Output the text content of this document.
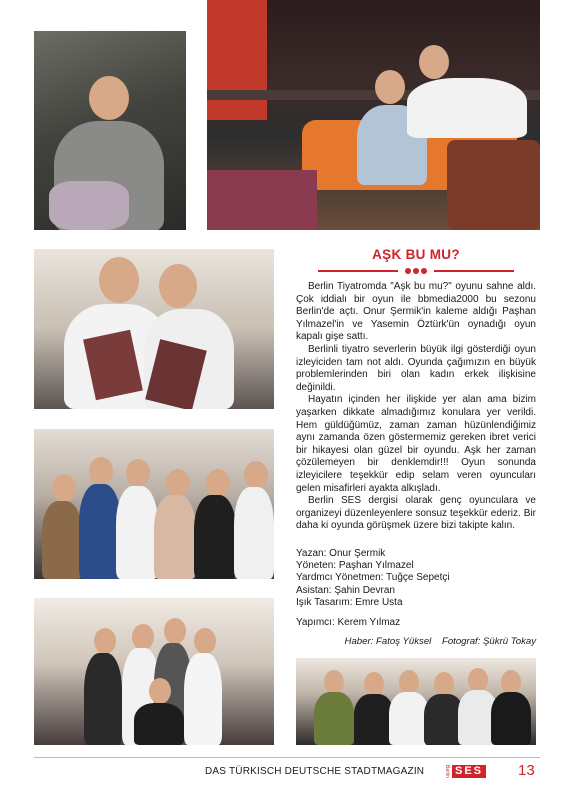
AŞK BU MU?

Berlin Tiyatromda "Aşk bu mu?" oyunu sahne aldı. Çok iddialı bir oyun ile bbmedia2000 bu sezonu Berlin'de açtı. Onur Şermik'in kaleme aldığı Paşhan Yılmazel'in ve Yasemin Öztürk'ün oynadığı oyun kapalı gişe sattı.

Berlinli tiyatro severlerin büyük ilgi gösterdiği oyun izleyiciden tam not aldı. Oyunda çağımızın en büyük problemlerinden biri olan kadın erkek ilişkisine değinildi.

Hayatın içinden her ilişkide yer alan ama bizim yaşarken dikkate almadığımız konulara yer verildi. Hem güldüğümüz, zaman zaman hüzünlendiğimiz aynı zamanda özen göstermemiz gereken ibret verici bir hikayesi olan güzel bir oyundu. Aşk her zaman çözülemeyen bir denklemdir!!! Oyun sonunda izleyicilere teşekkür edip selam veren oyuncuları gelen misafirleri ayakta alkışladı.

Berlin SES dergisi olarak genç oyunculara ve organizeyi düzenleyenlere sonsuz teşekkür ederiz. Bir daha ki oyunda görüşmek üzere bizi takipte kalın.

Yazan: Onur Şermik
Yöneten: Paşhan Yılmazel
Yardmcı Yönetmen: Tuğçe Sepetçi
Asistan: Şahin Devran
Işık Tasarım: Emre Usta
Yapımcı: Kerem Yılmaz
Haber: Fatoş Yüksel Fotograf: Şükrü Tokay
DAS TÜRKISCH DEUTSCHE STADTMAGAZIN	Berlin SES 13
